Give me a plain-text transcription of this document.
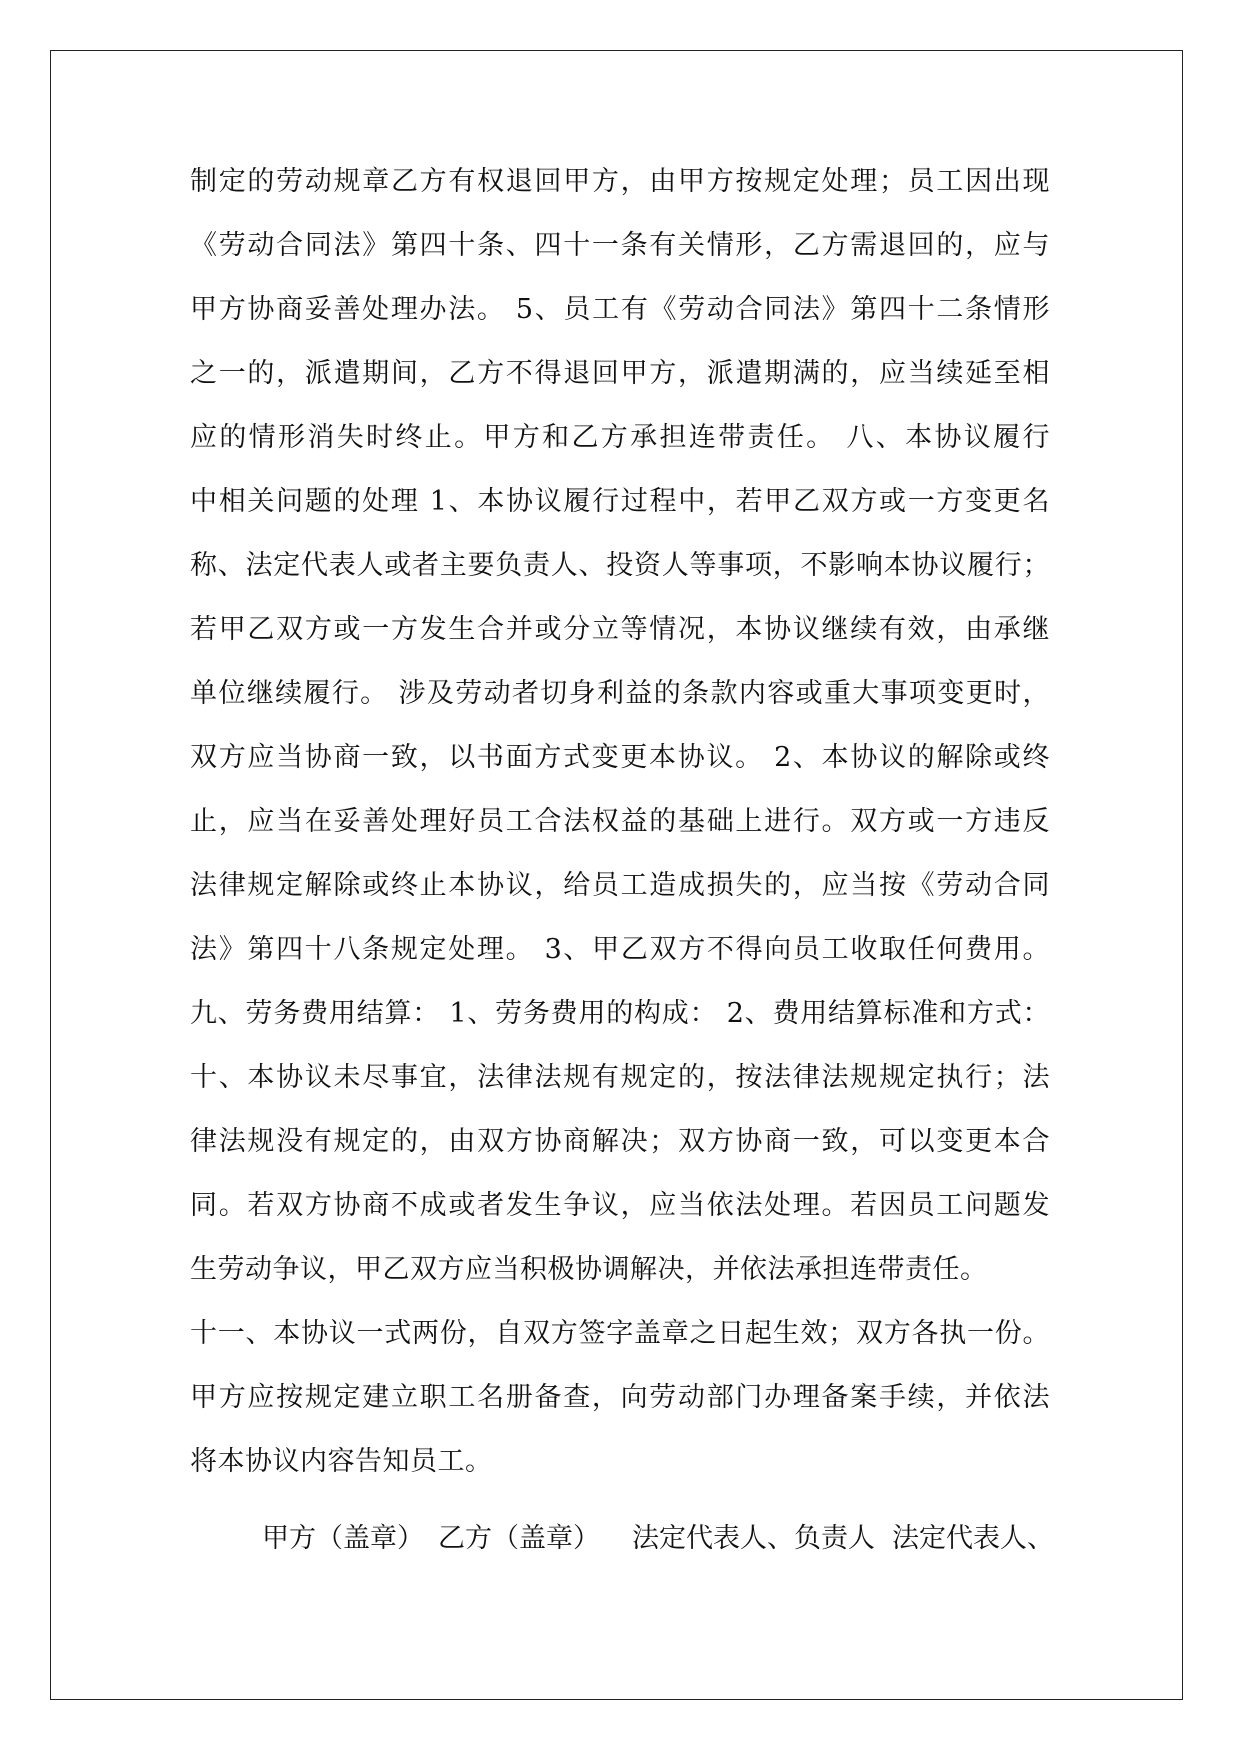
制定的劳动规章乙方有权退回甲方，由甲方按规定处理；员工因出现
《劳动合同法》第四十条、四十一条有关情形，乙方需退回的，应与
甲方协商妥善处理办法。 5、员工有《劳动合同法》第四十二条情形
之一的，派遣期间，乙方不得退回甲方，派遣期满的，应当续延至相
应的情形消失时终止。甲方和乙方承担连带责任。 八、本协议履行
中相关问题的处理 1、本协议履行过程中，若甲乙双方或一方变更名
称、法定代表人或者主要负责人、投资人等事项，不影响本协议履行；
若甲乙双方或一方发生合并或分立等情况，本协议继续有效，由承继
单位继续履行。 涉及劳动者切身利益的条款内容或重大事项变更时，
双方应当协商一致，以书面方式变更本协议。 2、本协议的解除或终
止，应当在妥善处理好员工合法权益的基础上进行。双方或一方违反
法律规定解除或终止本协议，给员工造成损失的，应当按《劳动合同
法》第四十八条规定处理。 3、甲乙双方不得向员工收取任何费用。
九、劳务费用结算： 1、劳务费用的构成： 2、费用结算标准和方式：
十、本协议未尽事宜，法律法规有规定的，按法律法规规定执行；法
律法规没有规定的，由双方协商解决；双方协商一致，可以变更本合
同。若双方协商不成或者发生争议，应当依法处理。若因员工问题发
生劳动争议，甲乙双方应当积极协调解决，并依法承担连带责任。
十一、本协议一式两份，自双方签字盖章之日起生效；双方各执一份。
甲方应按规定建立职工名册备查，向劳动部门办理备案手续，并依法
将本协议内容告知员工。
甲方（盖章） 乙方（盖章） 法定代表人、负责人 法定代表人、
